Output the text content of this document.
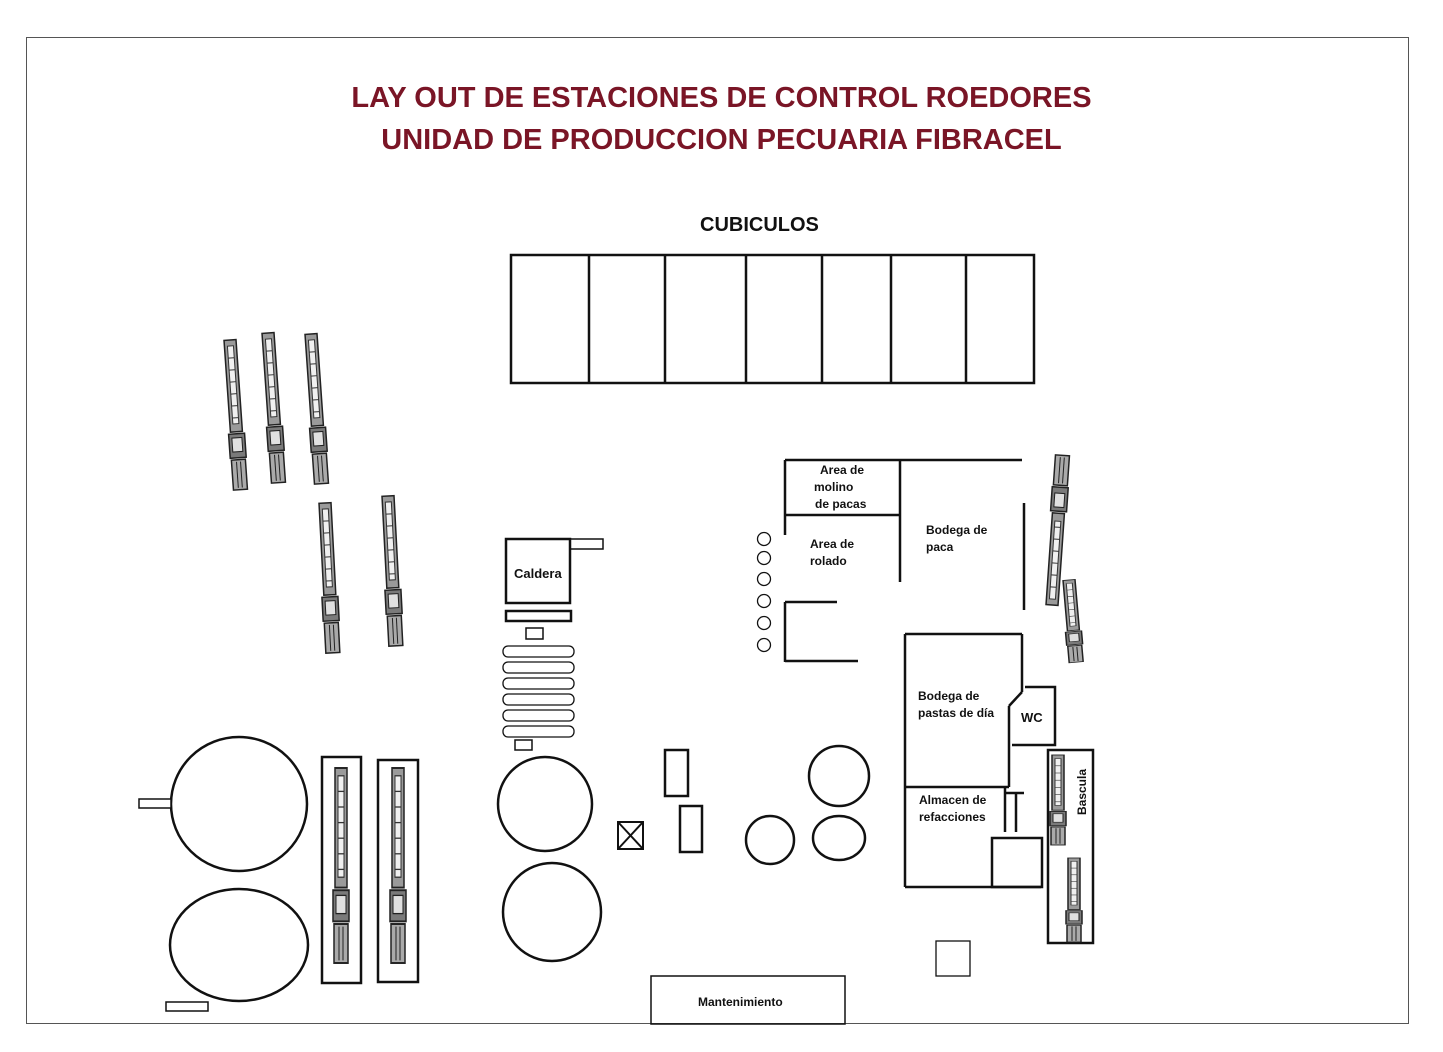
LAY OUT DE ESTACIONES DE CONTROL ROEDORES
UNIDAD DE PRODUCCION PECUARIA FIBRACEL
CUBICULOS
Area de
molino
de pacas
Area de
rolado
Bodega de
paca
Bodega de
pastas de día WC
Almacen de
refacciones
Bascula
Caldera
Mantenimiento
